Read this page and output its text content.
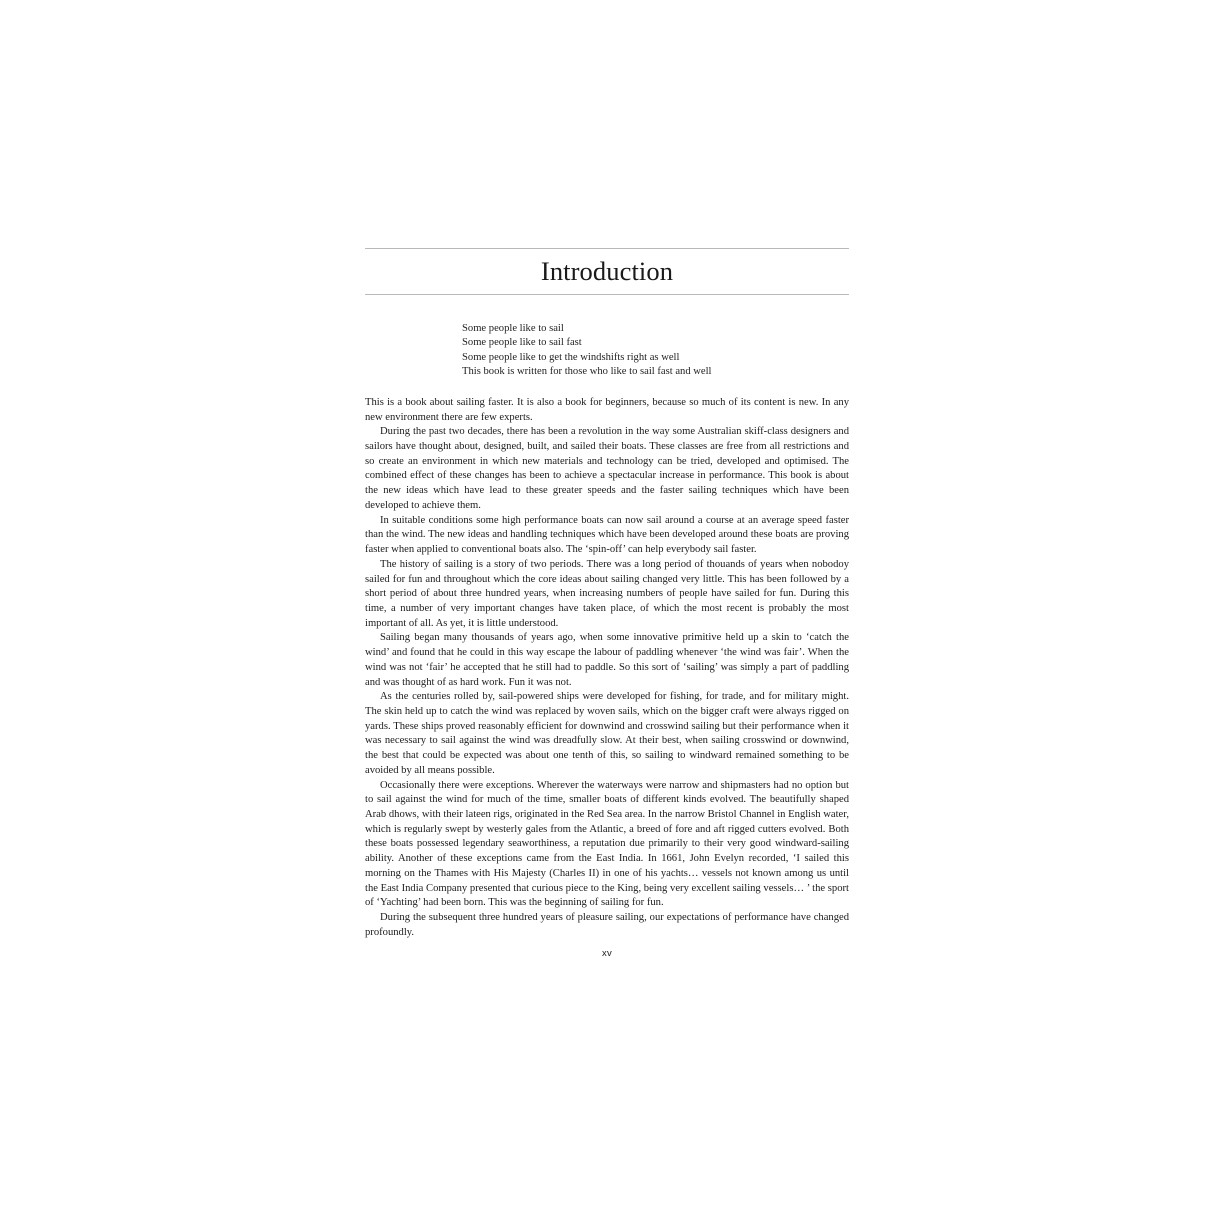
Introduction
Some people like to sail
Some people like to sail fast
Some people like to get the windshifts right as well
This book is written for those who like to sail fast and well

This is a book about sailing faster. It is also a book for beginners, because so much of its content is new. In any new environment there are few experts.

During the past two decades, there has been a revolution in the way some Australian skiff-class designers and sailors have thought about, designed, built, and sailed their boats. These classes are free from all restrictions and so create an environment in which new materials and technology can be tried, developed and optimised. The combined effect of these changes has been to achieve a spectacular increase in performance. This book is about the new ideas which have lead to these greater speeds and the faster sailing techniques which have been developed to achieve them.

In suitable conditions some high performance boats can now sail around a course at an average speed faster than the wind. The new ideas and handling techniques which have been developed around these boats are proving faster when applied to conventional boats also. The ‘spin-off’ can help everybody sail faster.

The history of sailing is a story of two periods. There was a long period of thouands of years when nobodoy sailed for fun and throughout which the core ideas about sailing changed very little. This has been followed by a short period of about three hundred years, when increasing numbers of people have sailed for fun. During this time, a number of very important changes have taken place, of which the most recent is probably the most important of all. As yet, it is little understood.

Sailing began many thousands of years ago, when some innovative primitive held up a skin to ‘catch the wind’ and found that he could in this way escape the labour of paddling whenever ‘the wind was fair’. When the wind was not ‘fair’ he accepted that he still had to paddle. So this sort of ‘sailing’ was simply a part of paddling and was thought of as hard work. Fun it was not.

As the centuries rolled by, sail-powered ships were developed for fishing, for trade, and for military might. The skin held up to catch the wind was replaced by woven sails, which on the bigger craft were always rigged on yards. These ships proved reasonably efficient for downwind and crosswind sailing but their performance when it was necessary to sail against the wind was dreadfully slow. At their best, when sailing crosswind or downwind, the best that could be expected was about one tenth of this, so sailing to windward remained something to be avoided by all means possible.

Occasionally there were exceptions. Wherever the waterways were narrow and shipmasters had no option but to sail against the wind for much of the time, smaller boats of different kinds evolved. The beautifully shaped Arab dhows, with their lateen rigs, originated in the Red Sea area. In the narrow Bristol Channel in English water, which is regularly swept by westerly gales from the Atlantic, a breed of fore and aft rigged cutters evolved. Both these boats possessed legendary seaworthiness, a reputation due primarily to their very good windward-sailing ability. Another of these exceptions came from the East India. In 1661, John Evelyn recorded, ‘I sailed this morning on the Thames with His Majesty (Charles II) in one of his yachts… vessels not known among us until the East India Company presented that curious piece to the King, being very excellent sailing vessels… ’ the sport of ‘Yachting’ had been born. This was the beginning of sailing for fun.

During the subsequent three hundred years of pleasure sailing, our expectations of performance have changed profoundly.

xv
